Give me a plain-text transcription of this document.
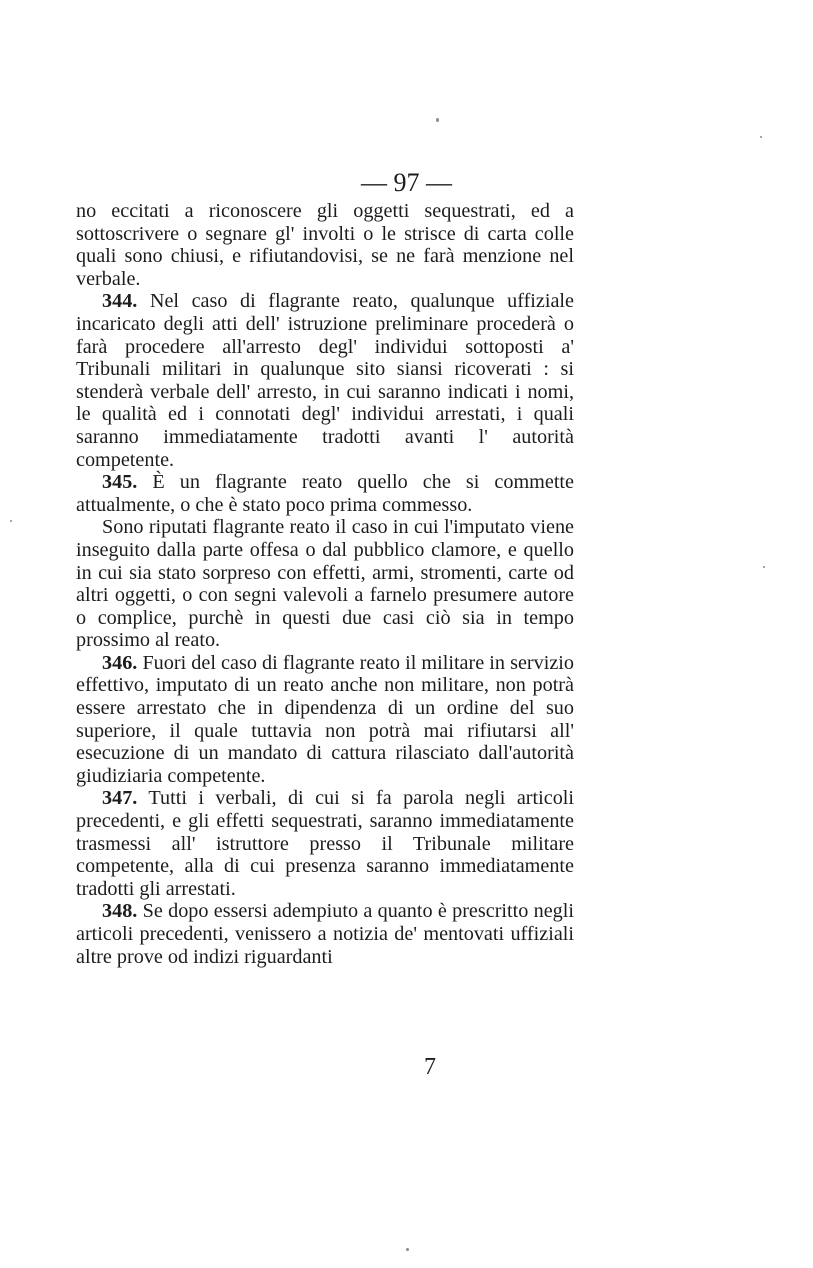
— 97 —

no eccitati a riconoscere gli oggetti sequestrati, ed a sottoscrivere o segnare gl' involti o le strisce di carta colle quali sono chiusi, e rifiutandovisi, se ne farà menzione nel verbale.

344. Nel caso di flagrante reato, qualunque uffiziale incaricato degli atti dell' istruzione preliminare procederà o farà procedere all'arresto degl' individui sottoposti a' Tribunali militari in qualunque sito siansi ricoverati : si stenderà verbale dell' arresto, in cui saranno indicati i nomi, le qualità ed i connotati degl' individui arrestati, i quali saranno immediatamente tradotti avanti l' autorità competente.

345. È un flagrante reato quello che si commette attualmente, o che è stato poco prima commesso.

Sono riputati flagrante reato il caso in cui l'imputato viene inseguito dalla parte offesa o dal pubblico clamore, e quello in cui sia stato sorpreso con effetti, armi, stromenti, carte od altri oggetti, o con segni valevoli a farnelo presumere autore o complice, purchè in questi due casi ciò sia in tempo prossimo al reato.

346. Fuori del caso di flagrante reato il militare in servizio effettivo, imputato di un reato anche non militare, non potrà essere arrestato che in dipendenza di un ordine del suo superiore, il quale tuttavia non potrà mai rifiutarsi all' esecuzione di un mandato di cattura rilasciato dall'autorità giudiziaria competente.

347. Tutti i verbali, di cui si fa parola negli articoli precedenti, e gli effetti sequestrati, saranno immediatamente trasmessi all' istruttore presso il Tribunale militare competente, alla di cui presenza saranno immediatamente tradotti gli arrestati.

348. Se dopo essersi adempiuto a quanto è prescritto negli articoli precedenti, venissero a notizia de' mentovati uffiziali altre prove od indizi riguardanti

7
